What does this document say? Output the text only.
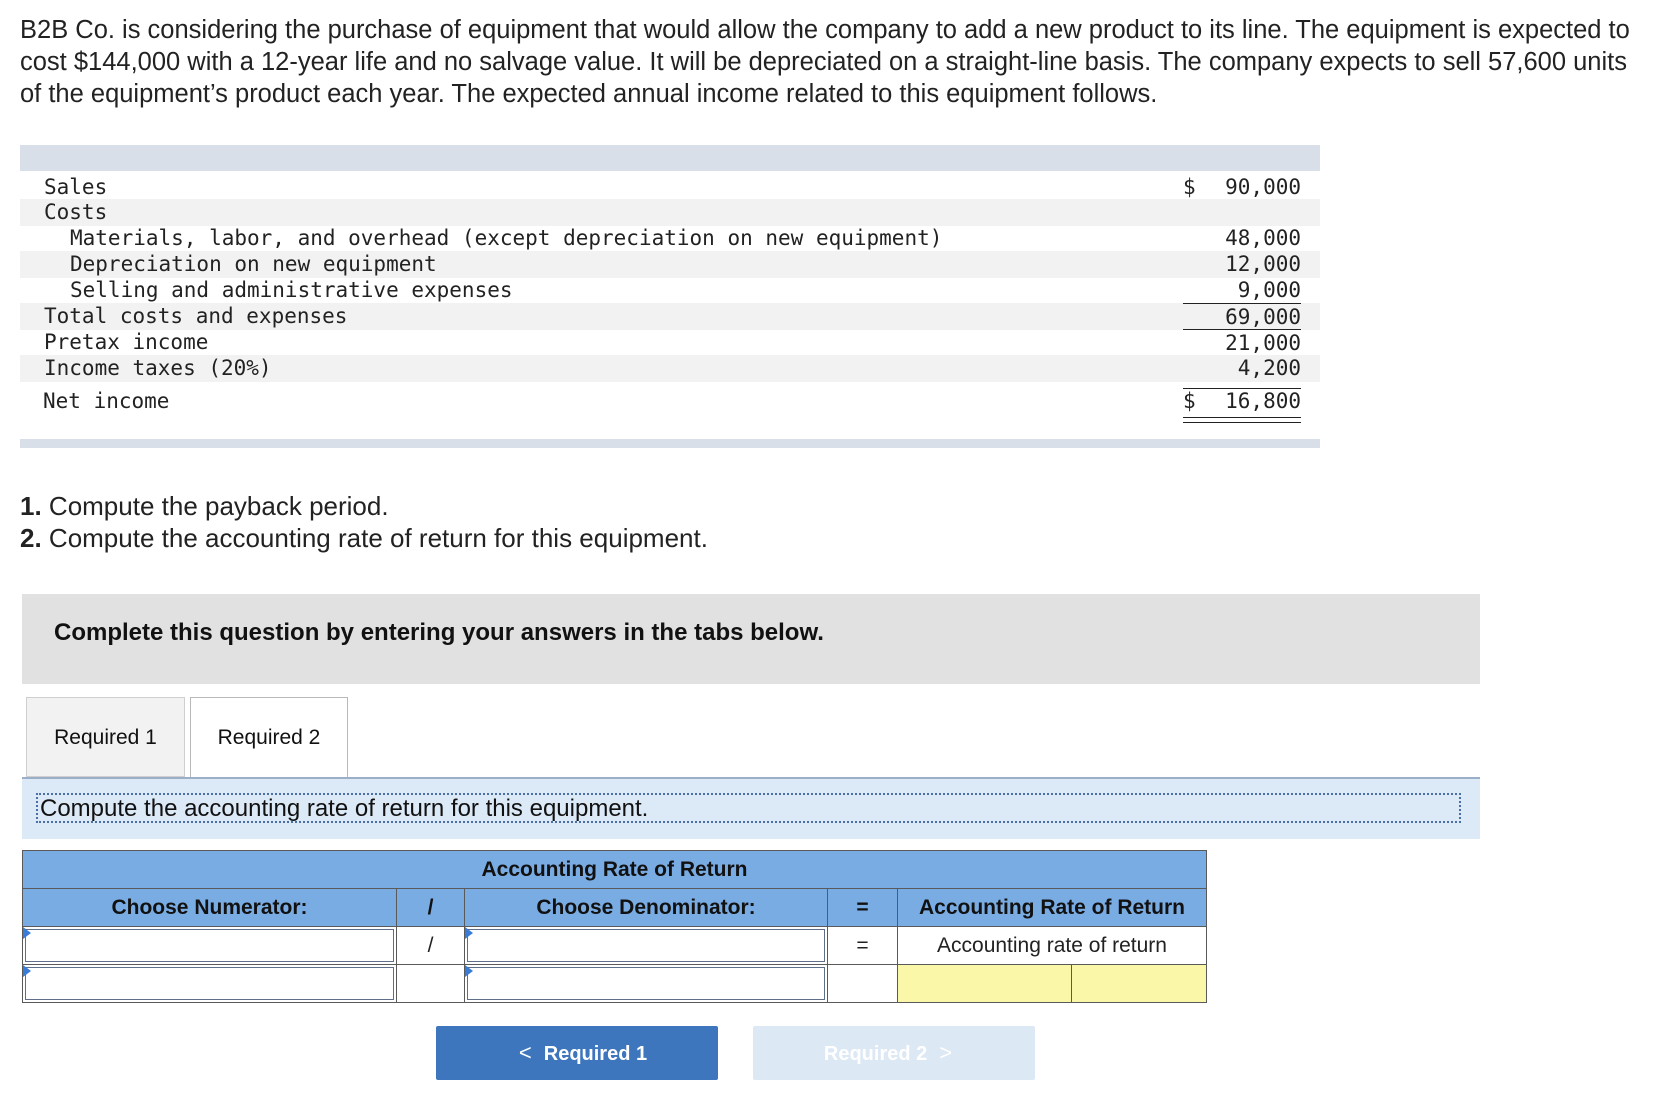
B2B Co. is considering the purchase of equipment that would allow the company to add a new product to its line. The equipment is expected to cost $144,000 with a 12-year life and no salvage value. It will be depreciated on a straight-line basis. The company expects to sell 57,600 units of the equipment’s product each year. The expected annual income related to this equipment follows.
Sales	$ 90,000
Costs
Materials, labor, and overhead (except depreciation on new equipment)	48,000
Depreciation on new equipment	12,000
Selling and administrative expenses	9,000
Total costs and expenses	69,000
Pretax income	21,000
Income taxes (20%)	4,200
Net income	$ 16,800
1. Compute the payback period.
2. Compute the accounting rate of return for this equipment.
Complete this question by entering your answers in the tabs below.
Required 1	Required 2
Compute the accounting rate of return for this equipment.
Accounting Rate of Return					
Choose Numerator:	/	Choose Denominator:	=	Accounting Rate of Return	

	/		=	Accounting rate of return	

< Required 1	Required 2 >
